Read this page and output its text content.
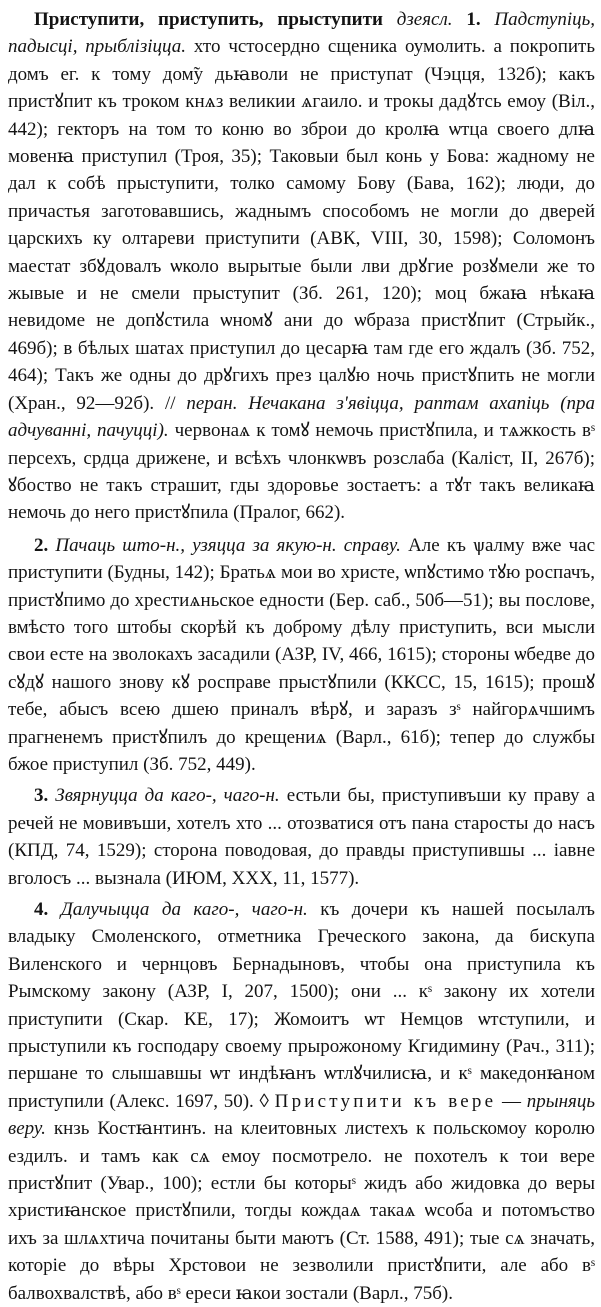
Приступити, приступить, прыступити дзеясл. 1. Падступіць, падысці, прыблізіцца. хто чстосердно сщеника оумолить. а покропить домъ ег. к тому дом̃у дьꙗволи не приступат (Чэцця, 132б); какъ пристꙋпит къ троком кнѧз великии ѧгаило. и трокы дадꙋтсь емоу (Віл., 442); гекторъ на том то коню во зброи до кролꙗ ѡтца своего длꙗ мовенꙗ приступил (Троя, 35); Таковыи был конь у Бова: жадному не дал к собѣ прыступити, толко самому Бову (Бава, 162); люди, до причастья заготовавшись, жаднымъ способомъ не могли до дверей царскихъ ку олтареви приступити (АВК, VIII, 30, 1598); Соломонъ маестат збꙋдовалъ ѡколо вырытые были лви дрꙋгие розꙋмели же то жывые и не смели прыступит (Зб. 261, 120); моц бжаꙗ нѣкаꙗ невидоме не допꙋстила ѡномꙋ ани до ѡбраза пристꙋпит (Стрыйк., 469б); в бѣлых шатах приступил до цесарꙗ там где его ждалъ (Зб. 752, 464); Такъ же одны до дрꙋгихъ през цалꙋю ночь пристꙋпить не могли (Хран., 92—92б). // перан. Нечакана з'явіцца, раптам ахапіць (пра адчуванні, пачуцці). червонаѧ к томꙋ немочь пристꙋпила, и тѧжкость вˢ персехъ, срдца дрижене, и всѣхъ члонкѡвъ розслаба (Каліст, II, 267б); ꙋбоство не такъ страшит, гды здоровье зостаетъ: а тꙋт такъ великаꙗ немочь до него пристꙋпила (Пралог, 662).

2. Пачаць што-н., узяцца за якую-н. справу. Але къ ѱалму вже час приступити (Будны, 142); Братьѧ мои во христе, ѡпꙋстимо тꙋю роспачъ, пристꙋпимо до хрестиѧньское едности (Бер. саб., 50б—51); вы послове, вмѣсто того штобы скорѣй къ доброму дѣлу приступить, вси мысли свои есте на зволокахъ засадили (АЗР, IV, 466, 1615); стороны ѡбедве до сꙋдꙋ нашого знову кꙋ росправе прыстꙋпили (ККСС, 15, 1615); прошꙋ тебе, абысъ всею дшею приналъ вѣрꙋ, и заразъ зˢ найгорѧчшимъ прагненемъ пристꙋпилъ до крещениѧ (Варл., 61б); тепер до службы бжое приступил (Зб. 752, 449).

3. Звярнуцца да каго-, чаго-н. естьли бы, приступивъши ку праву а речей не мовивъши, хотелъ хто ... отозватися отъ пана старосты до насъ (КПД, 74, 1529); сторона поводовая, до правды приступившы ... іавне вголосъ ... вызнала (ИЮМ, XXX, 11, 1577).

4. Далучыцца да каго-, чаго-н. къ дочери къ нашей посылалъ владыку Смоленского, отметника Греческого закона, да бискупа Виленского и чернцовъ Бернадыновъ, чтобы она приступила къ Рымскому закону (АЗР, I, 207, 1500); они ... кˢ закону их хотели приступити (Скар. КЕ, 17); Жомоитъ ѡт Немцов ѡтступили, и прыступили къ господару своему прырожоному Кгидимину (Рач., 311); першане то слышавшы ѡт индѣꙗнъ ѡтлꙋчилисꙗ, и кˢ македонꙗном приступили (Алекс. 1697, 50). ◊ Приступити къ вере — прыняць веру. кнзь Костꙗнтинъ. на клеитовных листехъ к польскомоу королю ездилъ. и тамъ как сѧ емоу посмотрело. не похотелъ к тои вере пристꙋпит (Увар., 100); естли бы которыˢ жидъ або жидовка до веры христиꙗнское пристꙋпили, тогды кождаѧ такаѧ ѡсоба и потомъство ихъ за шлѧхтича почитаны быти маютъ (Ст. 1588, 491); тые сѧ значать, которіе до вѣры Хрстовои не зезволили пристꙋпити, але або вˢ балвохвалствѣ, або вˢ ереси ꙗкои зостали (Варл., 75б).
